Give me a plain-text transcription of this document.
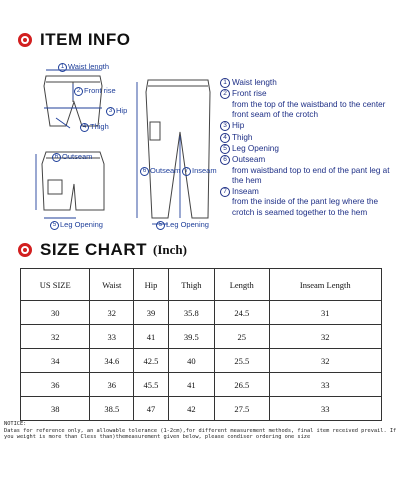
ITEM INFO
1 Waist length
2 Front rise
3 Hip
4 Thigh
6 Outseam
5 Leg Opening
6 Outseam 7 Inseam
5 Leg Opening
1 Waist length
2 Front rise
from the top of the waistband to the center front seam of the crotch
3 Hip
4 Thigh
5 Leg Opening
6 Outseam
from waistband top to end of the pant leg at the hem
7 Inseam
from the inside of the pant leg where the crotch is seamed together to the hem
SIZE CHART (Inch)
US SIZE	Waist	Hip	Thigh	Length	Inseam Length
30	32	39	35.8	24.5	31
32	33	41	39.5	25	32
34	34.6	42.5	40	25.5	32
36	36	45.5	41	26.5	33
38	38.5	47	42	27.5	33
NOTICE:
Datas for reference only, an allowable tolerance (1-2cm),for different measurement methods, final item received prevail. If you weight is more than Cless than)themeasurement given below, please condiser ordering one size
